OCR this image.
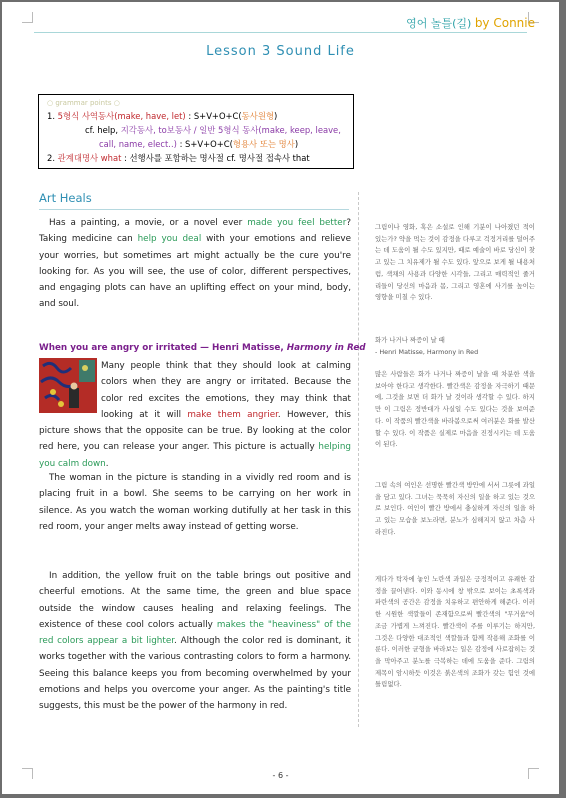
영어 놀틀(길) by Connie
Lesson 3 Sound Life
○ grammar points ○
1. 5형식 사역동사(make, have, let) : S+V+O+C(동사원형)
cf. help, 지각동사, to보동사 / 일반 5형식 동사(make, keep, leave,
call, name, elect..) : S+V+O+C(형용사 또는 명사)
2. 관계대명사 what : 선행사를 포함하는 명사절 cf. 명사절 접속사 that
Art Heals
Has a painting, a movie, or a novel ever made you feel better? Taking medicine can help you deal with your emotions and relieve your worries, but sometimes art might actually be the cure you're looking for. As you will see, the use of color, different perspectives, and engaging plots can have an uplifting effect on your mind, body, and soul.
When you are angry or irritated — Henri Matisse, Harmony in Red
Many people think that they should look at calming colors when they are angry or irritated. Because the color red excites the emotions, they may think that looking at it will make them angrier. However, this picture shows that the opposite can be true. By looking at the color red here, you can release your anger. This picture is actually helping you calm down.
The woman in the picture is standing in a vividly red room and is placing fruit in a bowl. She seems to be carrying on her work in silence. As you watch the woman working dutifully at her task in this red room, your anger melts away instead of getting worse.
In addition, the yellow fruit on the table brings out positive and cheerful emotions. At the same time, the green and blue space outside the window causes healing and relaxing feelings. The existence of these cool colors actually makes the "heaviness" of the red colors appear a bit lighter. Although the color red is dominant, it works together with the various contrasting colors to form a harmony. Seeing this balance keeps you from becoming overwhelmed by your emotions and helps you overcome your anger. As the painting's title suggests, this must be the power of the harmony in red.
그림이나 영화, 혹은 소설로 인해 기분이 나아졌던 적이 있는가? 약을 먹는 것이 감정을 다루고 걱정거리를 덜어주는 데 도움이 될 수도 있지만, 때로 예술이 바로 당신이 찾고 있는 그 치유제가 될 수도 있다. 앞으로 보게 될 내용처럼, 색채의 사용과 다양한 시각들, 그리고 매력적인 줄거리들이 당신의 마음과 몸, 그리고 영혼에 사기를 높이는 영향을 미칠 수 있다.
화가 나거나 짜증이 날 때
- Henri Matisse, Harmony in Red
많은 사람들은 화가 나거나 짜증이 날을 때 차분한 색을 보아야 한다고 생각한다. 빨간색은 감정을 자극하기 때문에, 그것을 보면 더 화가 날 것이라 생각할 수 있다. 하지만 이 그림은 정반대가 사실일 수도 있다는 것을 보여준다. 이 작품의 빨간색을 바라봄으로써 여러분은 화를 발산할 수 있다. 이 작품은 실제로 마음을 진정시키는 데 도움이 된다.
그림 속의 여인은 선명한 빨간색 방안에 서서 그릇에 과일을 담고 있다. 그녀는 묵묵히 자신의 일을 하고 있는 것으로 보인다. 여인이 빨간 방에서 충실하게 자신의 일을 하고 있는 모습을 보노라면, 분노가 심해지지 않고 차츰 사라진다.
게다가 탁자에 놓인 노란색 과일은 긍정적이고 유쾌한 감정을 끌어낸다. 이와 동시에 창 밖으로 보이는 초록색과 파란색의 공간은 감정을 치유하고 편안하게 해준다. 이러한 시원한 색깔들이 존재함으로써 빨간색의 "무거움"이 조금 가볍게 느껴진다. 빨간색이 주를 이루기는 하지만, 그것은 다양한 대조적인 색깔들과 함께 작용해 조화를 이룬다. 이러한 균형을 바라보는 일은 감정에 사로잡히는 것을 막아주고 분노를 극복하는 데에 도움을 준다. 그림의 제목이 암시하듯 이것은 붉은색의 조화가 갖는 힘인 것에 틀림없다.
- 6 -
